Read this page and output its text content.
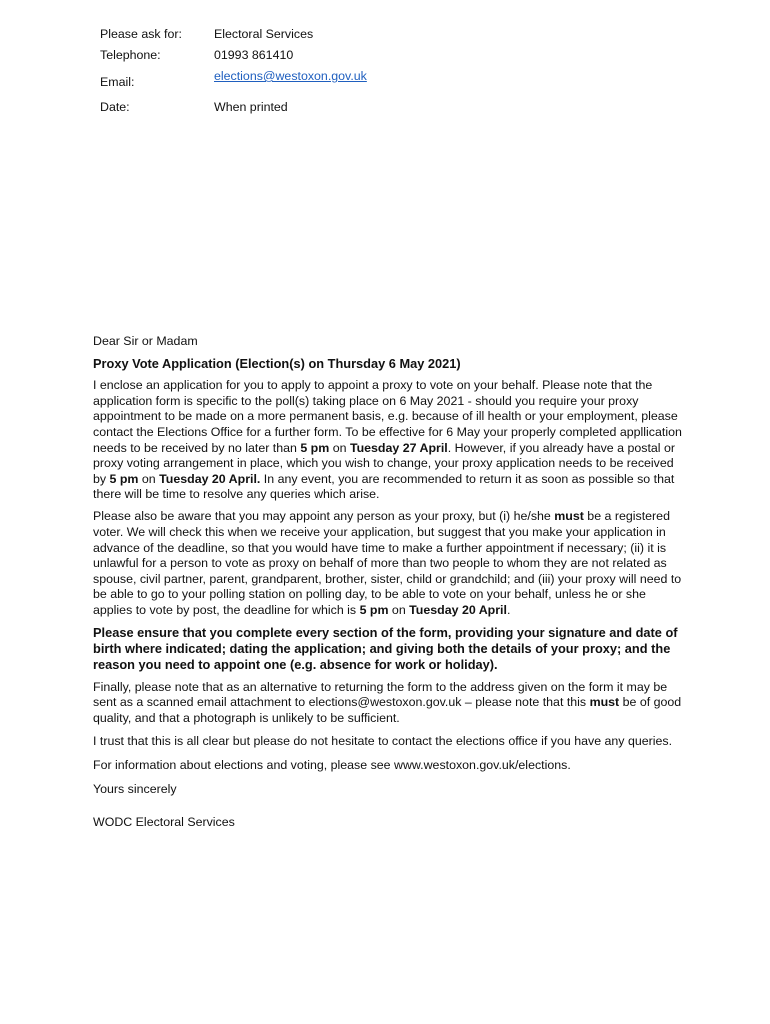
Please ask for:	Electoral Services
Telephone:	01993 861410
Email:	elections@westoxon.gov.uk
Date:	When printed

Dear Sir or Madam

Proxy Vote Application (Election(s) on Thursday 6 May 2021)

I enclose an application for you to apply to appoint a proxy to vote on your behalf. Please note that the application form is specific to the poll(s) taking place on 6 May 2021 - should you require your proxy appointment to be made on a more permanent basis, e.g. because of ill health or your employment, please contact the Elections Office for a further form. To be effective for 6 May your properly completed appllication needs to be received by no later than 5 pm on Tuesday 27 April. However, if you already have a postal or proxy voting arrangement in place, which you wish to change, your proxy application needs to be received by 5 pm on Tuesday 20 April. In any event, you are recommended to return it as soon as possible so that there will be time to resolve any queries which arise.

Please also be aware that you may appoint any person as your proxy, but (i) he/she must be a registered voter. We will check this when we receive your application, but suggest that you make your application in advance of the deadline, so that you would have time to make a further appointment if necessary; (ii) it is unlawful for a person to vote as proxy on behalf of more than two people to whom they are not related as spouse, civil partner, parent, grandparent, brother, sister, child or grandchild; and (iii) your proxy will need to be able to go to your polling station on polling day, to be able to vote on your behalf, unless he or she applies to vote by post, the deadline for which is 5 pm on Tuesday 20 April.

Please ensure that you complete every section of the form, providing your signature and date of birth where indicated; dating the application; and giving both the details of your proxy; and the reason you need to appoint one (e.g. absence for work or holiday).

Finally, please note that as an alternative to returning the form to the address given on the form it may be sent as a scanned email attachment to elections@westoxon.gov.uk – please note that this must be of good quality, and that a photograph is unlikely to be sufficient.

I trust that this is all clear but please do not hesitate to contact the elections office if you have any queries.

For information about elections and voting, please see www.westoxon.gov.uk/elections.

Yours sincerely

WODC Electoral Services
